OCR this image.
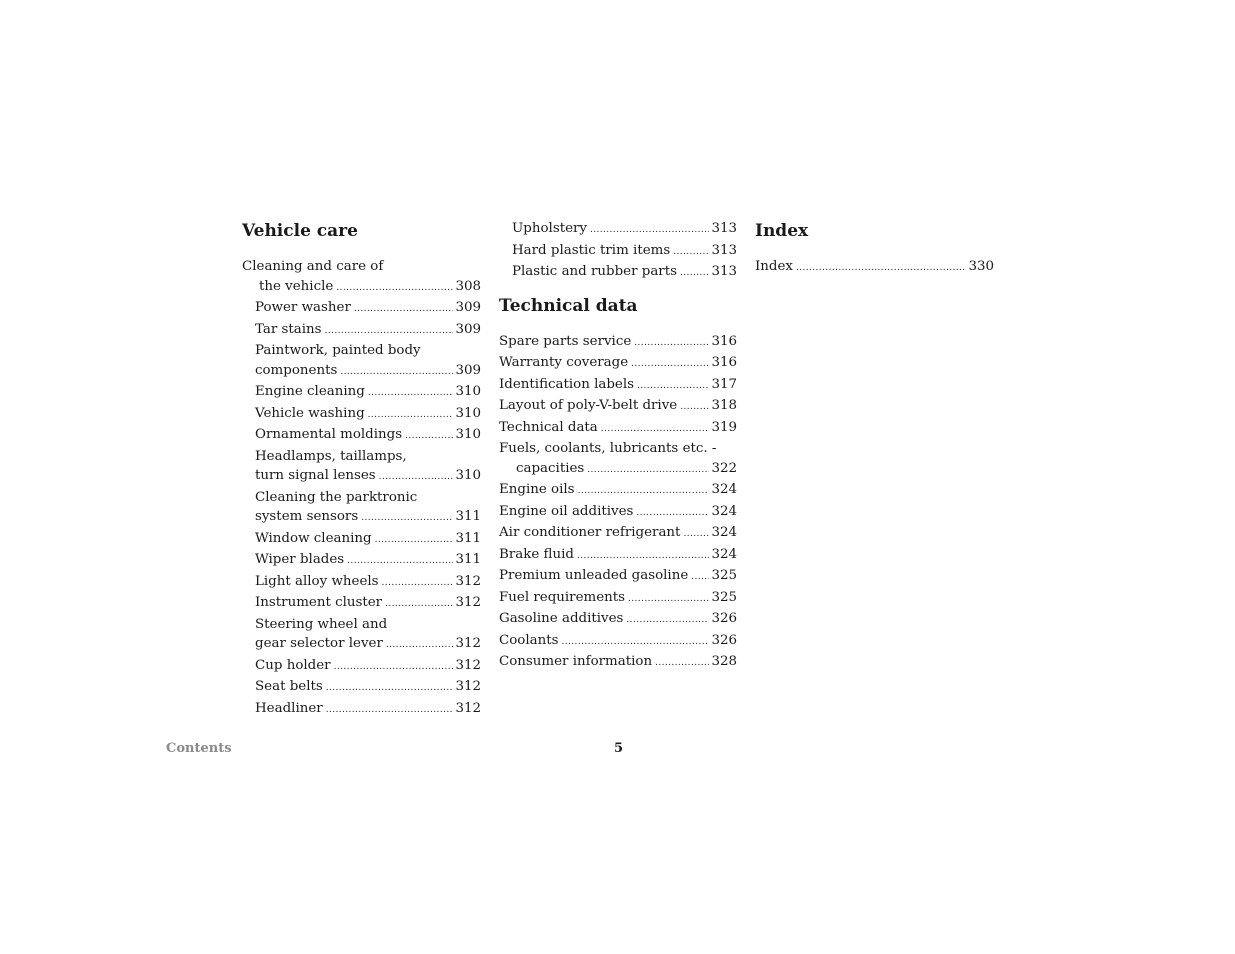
Vehicle care
Cleaning and care of
the vehicle .....	308
Power washer .....	309
Tar stains .....	309
Paintwork, painted body
components .....	309
Engine cleaning .....	310
Vehicle washing .....	310
Ornamental moldings .....	310
Headlamps, taillamps,
turn signal lenses .....	310
Cleaning the parktronic
system sensors .....	311
Window cleaning .....	311
Wiper blades .....	311
Light alloy wheels .....	312
Instrument cluster .....	312
Steering wheel and
gear selector lever .....	312
Cup holder .....	312
Seat belts .....	312
Headliner .....	312
Upholstery .....	313
Hard plastic trim items .....	313
Plastic and rubber parts .....	313
Technical data
Spare parts service .....	316
Warranty coverage .....	316
Identification labels .....	317
Layout of poly-V-belt drive .....	318
Technical data .....	319
Fuels, coolants, lubricants etc. -
capacities .....	322
Engine oils .....	324
Engine oil additives .....	324
Air conditioner refrigerant ..... 324
Brake fluid .....	324
Premium unleaded gasoline ..... 325
Fuel requirements .....	325
Gasoline additives .....	326
Coolants .....	326
Consumer information .....	328
Index
Index .....	330
Contents	5
